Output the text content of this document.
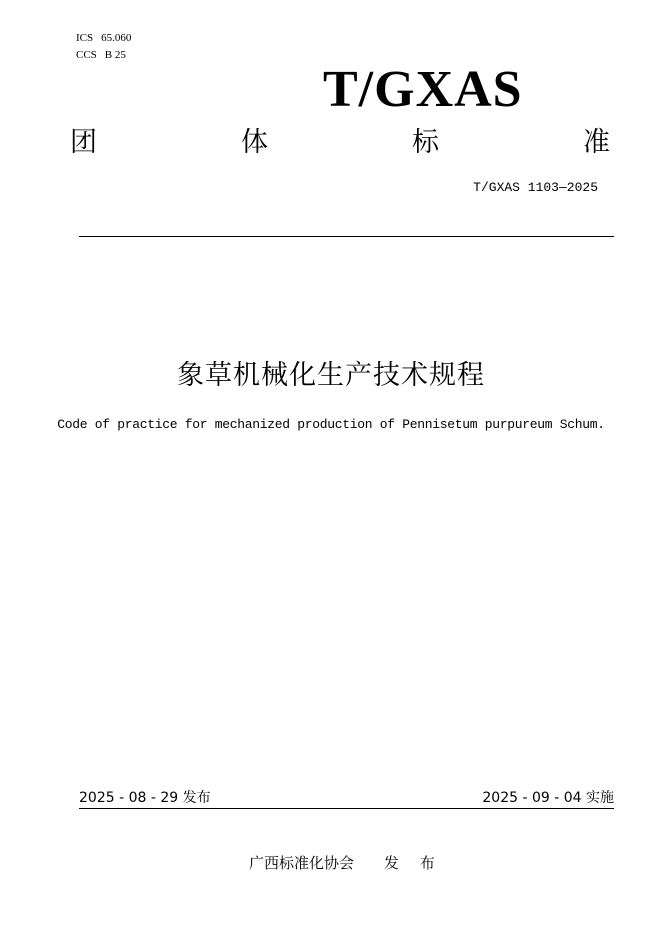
ICS 65.060
CCS B 25
T/GXAS
团	体	标	准
T/GXAS 1103—2025
象草机械化生产技术规程
Code of practice for mechanized production of Pennisetum purpureum Schum.
2025 - 08 - 29 发布	2025 - 09 - 04 实施
广西标准化协会 发 布
